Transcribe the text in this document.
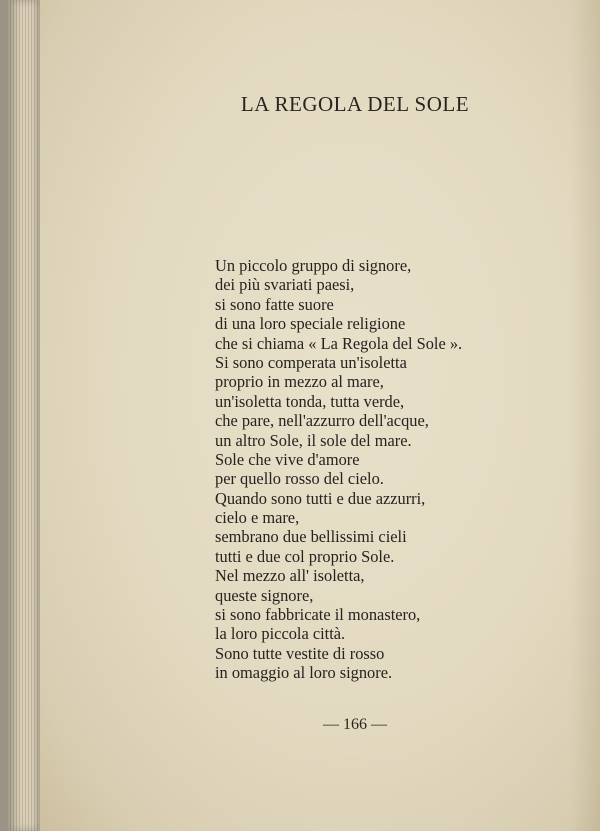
LA REGOLA DEL SOLE
Un piccolo gruppo di signore,
dei più svariati paesi,
si sono fatte suore
di una loro speciale religione
che si chiama « La Regola del Sole ».
Si sono comperata un'isoletta
proprio in mezzo al mare,
un'isoletta tonda, tutta verde,
che pare, nell'azzurro dell'acque,
un altro Sole, il sole del mare.
Sole che vive d'amore
per quello rosso del cielo.
Quando sono tutti e due azzurri,
cielo e mare,
sembrano due bellissimi cieli
tutti e due col proprio Sole.
Nel mezzo all' isoletta,
queste signore,
si sono fabbricate il monastero,
la loro piccola città.
Sono tutte vestite di rosso
in omaggio al loro signore.
— 166 —
